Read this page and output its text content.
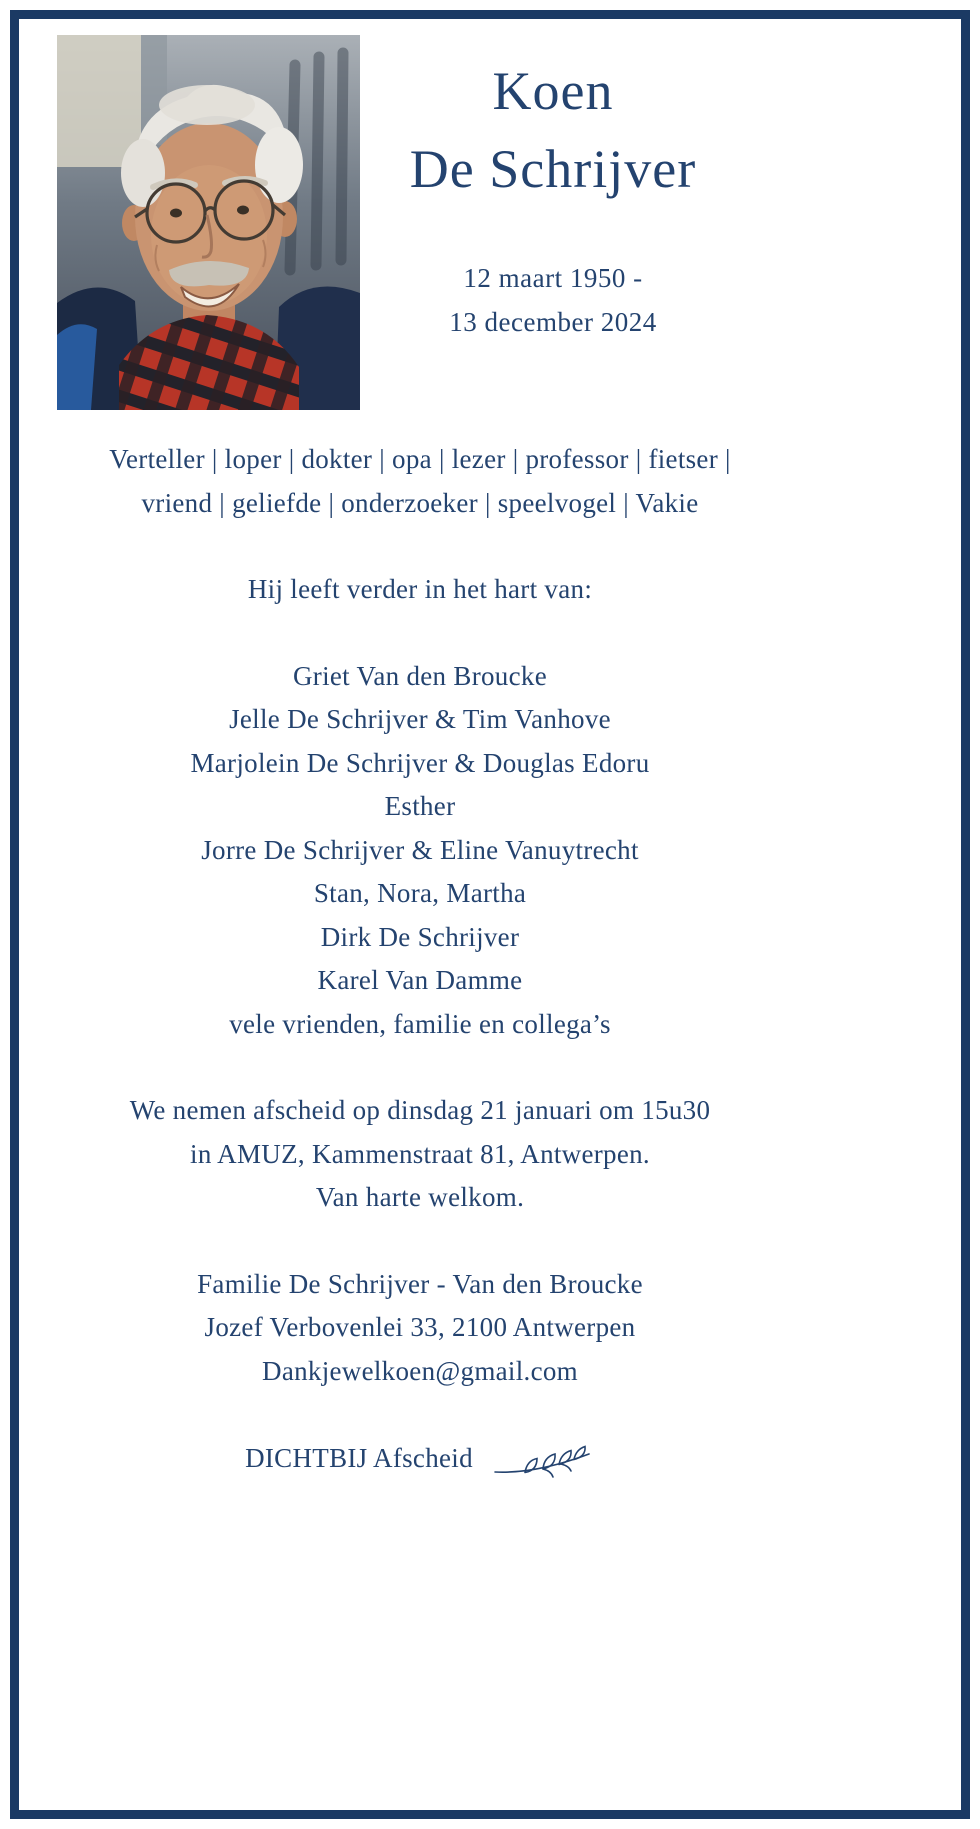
Koen
De Schrijver
12 maart 1950 -
13 december 2024
Verteller | loper | dokter | opa | lezer | professor | fietser |
vriend | geliefde | onderzoeker | speelvogel | Vakie
Hij leeft verder in het hart van:
Griet Van den Broucke
Jelle De Schrijver & Tim Vanhove
Marjolein De Schrijver & Douglas Edoru
Esther
Jorre De Schrijver & Eline Vanuytrecht
Stan, Nora, Martha
Dirk De Schrijver
Karel Van Damme
vele vrienden, familie en collega’s
We nemen afscheid op dinsdag 21 januari om 15u30
in AMUZ, Kammenstraat 81, Antwerpen.
Van harte welkom.
Familie De Schrijver - Van den Broucke
Jozef Verbovenlei 33, 2100 Antwerpen
Dankjewelkoen@gmail.com
DICHTBIJ Afscheid
